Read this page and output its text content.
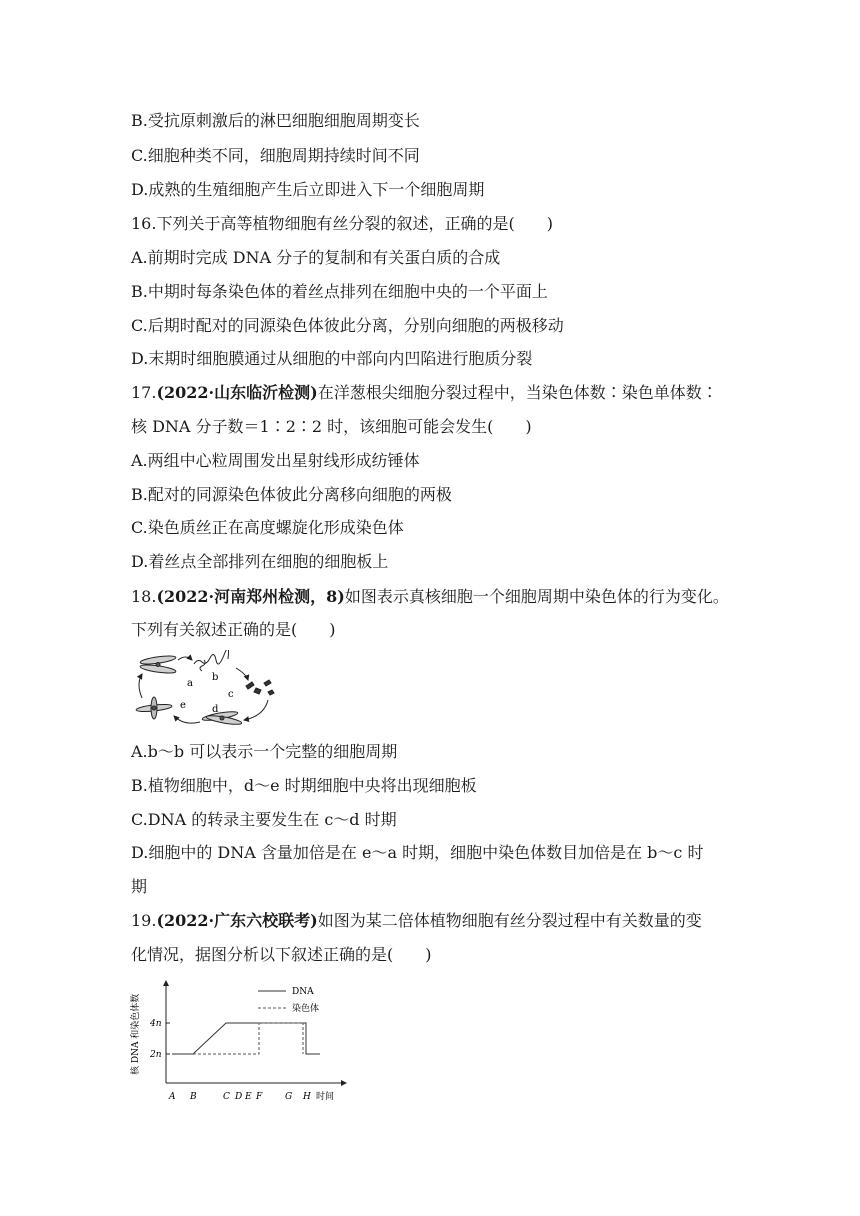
B.受抗原刺激后的淋巴细胞细胞周期变长
C.细胞种类不同，细胞周期持续时间不同
D.成熟的生殖细胞产生后立即进入下一个细胞周期
16.下列关于高等植物细胞有丝分裂的叙述，正确的是(　　)
A.前期时完成 DNA 分子的复制和有关蛋白质的合成
B.中期时每条染色体的着丝点排列在细胞中央的一个平面上
C.后期时配对的同源染色体彼此分离，分别向细胞的两极移动
D.末期时细胞膜通过从细胞的中部向内凹陷进行胞质分裂
17.(2022·山东临沂检测)在洋葱根尖细胞分裂过程中，当染色体数∶染色单体数∶
核 DNA 分子数＝1∶2∶2 时，该细胞可能会发生(　　)
A.两组中心粒周围发出星射线形成纺锤体
B.配对的同源染色体彼此分离移向细胞的两极
C.染色质丝正在高度螺旋化形成染色体
D.着丝点全部排列在细胞的细胞板上
18.(2022·河南郑州检测，8)如图表示真核细胞一个细胞周期中染色体的行为变化。
下列有关叙述正确的是(　　)
a
b
c
d
e
A.b～b 可以表示一个完整的细胞周期
B.植物细胞中，d～e 时期细胞中央将出现细胞板
C.DNA 的转录主要发生在 c～d 时期
D.细胞中的 DNA 含量加倍是在 e～a 时期，细胞中染色体数目加倍是在 b～c 时
期
19.(2022·广东六校联考)如图为某二倍体植物细胞有丝分裂过程中有关数量的变
化情况，据图分析以下叙述正确的是(　　)
核 DNA 和染色体数
时间
A B	C D E F	G H
2n
4n
DNA
染色体
